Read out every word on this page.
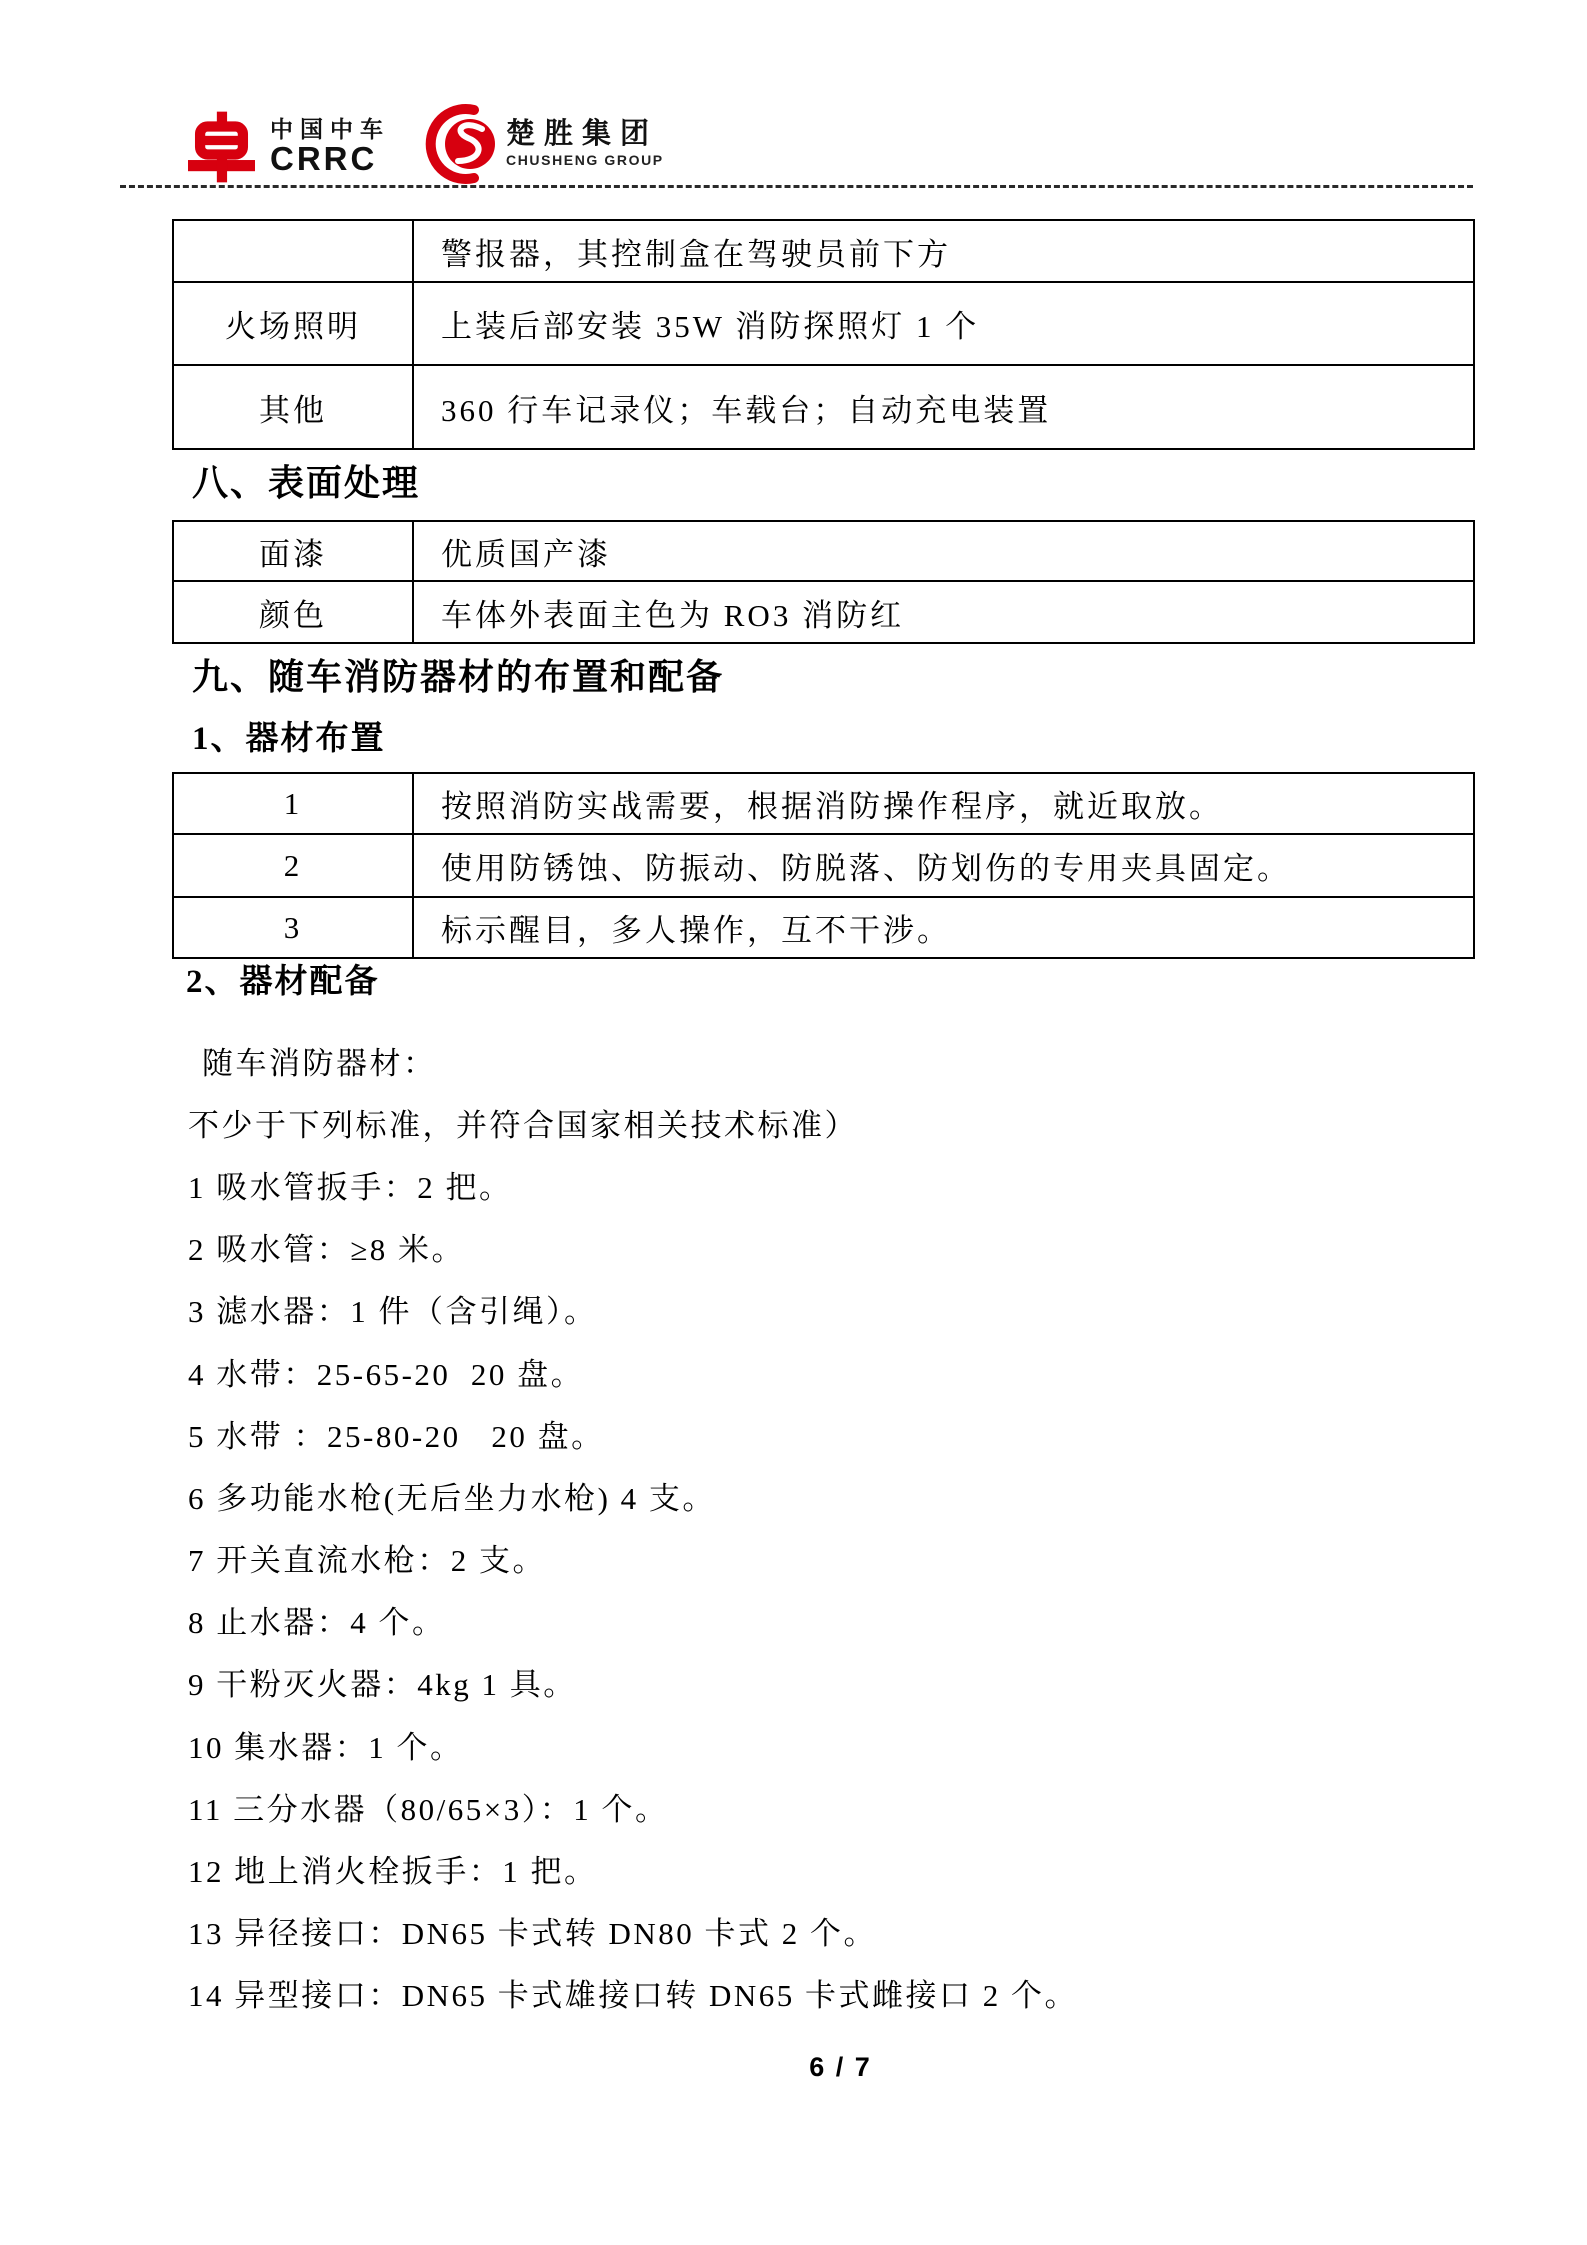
中国中车
CRRC
楚胜集团
CHUSHENG GROUP
	警报器，其控制盒在驾驶员前下方
火场照明	上装后部安装 35W 消防探照灯 1 个
其他	360 行车记录仪；车载台；自动充电装置
八、表面处理
面漆	优质国产漆
颜色	车体外表面主色为 RO3 消防红
九、随车消防器材的布置和配备
1、器材布置
1	按照消防实战需要，根据消防操作程序，就近取放。
2	使用防锈蚀、防振动、防脱落、防划伤的专用夹具固定。
3	标示醒目，多人操作，互不干涉。
2、器材配备
随车消防器材：
不少于下列标准，并符合国家相关技术标准）
1 吸水管扳手：2 把。
2 吸水管：≥8 米。
3 滤水器：1 件（含引绳）。
4 水带：25-65-20  20 盘。
5 水带 ：25-80-20   20 盘。
6 多功能水枪(无后坐力水枪) 4 支。
7 开关直流水枪：2 支。
8 止水器：4 个。
9 干粉灭火器：4kg 1 具。
10 集水器：1 个。
11 三分水器（80/65×3）：1 个。
12 地上消火栓扳手：1 把。
13 异径接口：DN65 卡式转 DN80 卡式 2 个。
14 异型接口：DN65 卡式雄接口转 DN65 卡式雌接口 2 个。
6 / 7
